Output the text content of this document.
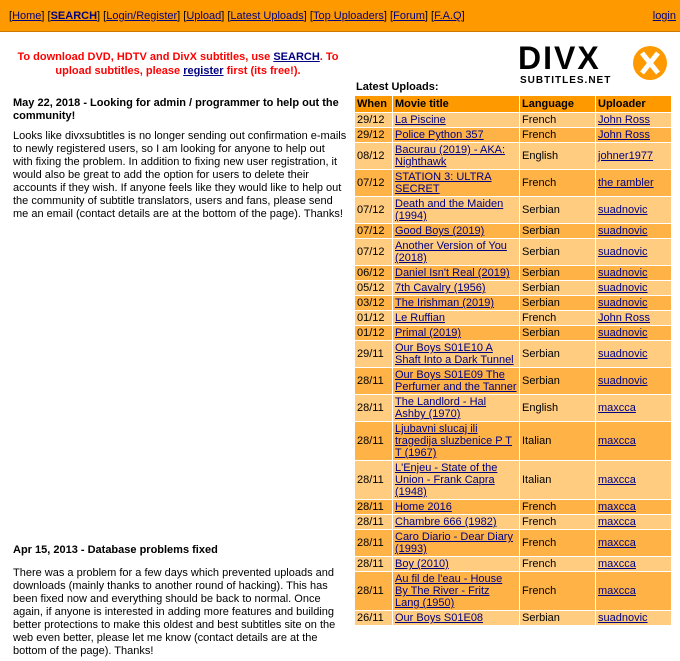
[Home] [SEARCH] [Login/Register] [Upload] [Latest Uploads] [Top Uploaders] [Forum] [F.A.Q]	login
To download DVD, HDTV and DivX subtitles, use SEARCH. To upload subtitles, please register first (its free!).
May 22, 2018 - Looking for admin / programmer to help out the community!
Looks like divxsubtitles is no longer sending out confirmation e-mails to newly registered users, so I am looking for anyone to help out with fixing the problem. In addition to fixing new user registration, it would also be great to add the option for users to delete their accounts if they wish. If anyone feels like they would like to help out the community of subtitle translators, users and fans, please send me an email (contact details are at the bottom of the page). Thanks!
Apr 15, 2013 - Database problems fixed
There was a problem for a few days which prevented uploads and downloads (mainly thanks to another round of hacking). This has been fixed now and everything should be back to normal. Once again, if anyone is interested in adding more features and building better protections to make this oldest and best subtitles site on the web even better, please let me know (contact details are at the bottom of the page). Thanks!
DIVX
SUBTITLES.NET
Latest Uploads:
When	Movie title	Language	Uploader
29/12	La Piscine	French	John Ross
29/12	Police Python 357	French	John Ross
08/12	Bacurau (2019) - AKA: Nighthawk	English	johner1977
07/12	STATION 3: ULTRA SECRET	French	the rambler
07/12	Death and the Maiden (1994)	Serbian	suadnovic
07/12	Good Boys (2019)	Serbian	suadnovic
07/12	Another Version of You (2018)	Serbian	suadnovic
06/12	Daniel Isn't Real (2019)	Serbian	suadnovic
05/12	7th Cavalry (1956)	Serbian	suadnovic
03/12	The Irishman (2019)	Serbian	suadnovic
01/12	Le Ruffian	French	John Ross
01/12	Primal (2019)	Serbian	suadnovic
29/11	Our Boys S01E10 A Shaft Into a Dark Tunnel	Serbian	suadnovic
28/11	Our Boys S01E09 The Perfumer and the Tanner	Serbian	suadnovic
28/11	The Landlord - Hal Ashby (1970)	English	maxcca
28/11	Ljubavni slucaj ili tragedija sluzbenice P T T (1967)	Italian	maxcca
28/11	L'Enjeu - State of the Union - Frank Capra (1948)	Italian	maxcca
28/11	Home 2016	French	maxcca
28/11	Chambre 666 (1982)	French	maxcca
28/11	Caro Diario - Dear Diary (1993)	French	maxcca
28/11	Boy (2010)	French	maxcca
28/11	Au fil de l'eau - House By The River - Fritz Lang (1950)	French	maxcca
26/11	Our Boys S01E08	Serbian	suadnovic
